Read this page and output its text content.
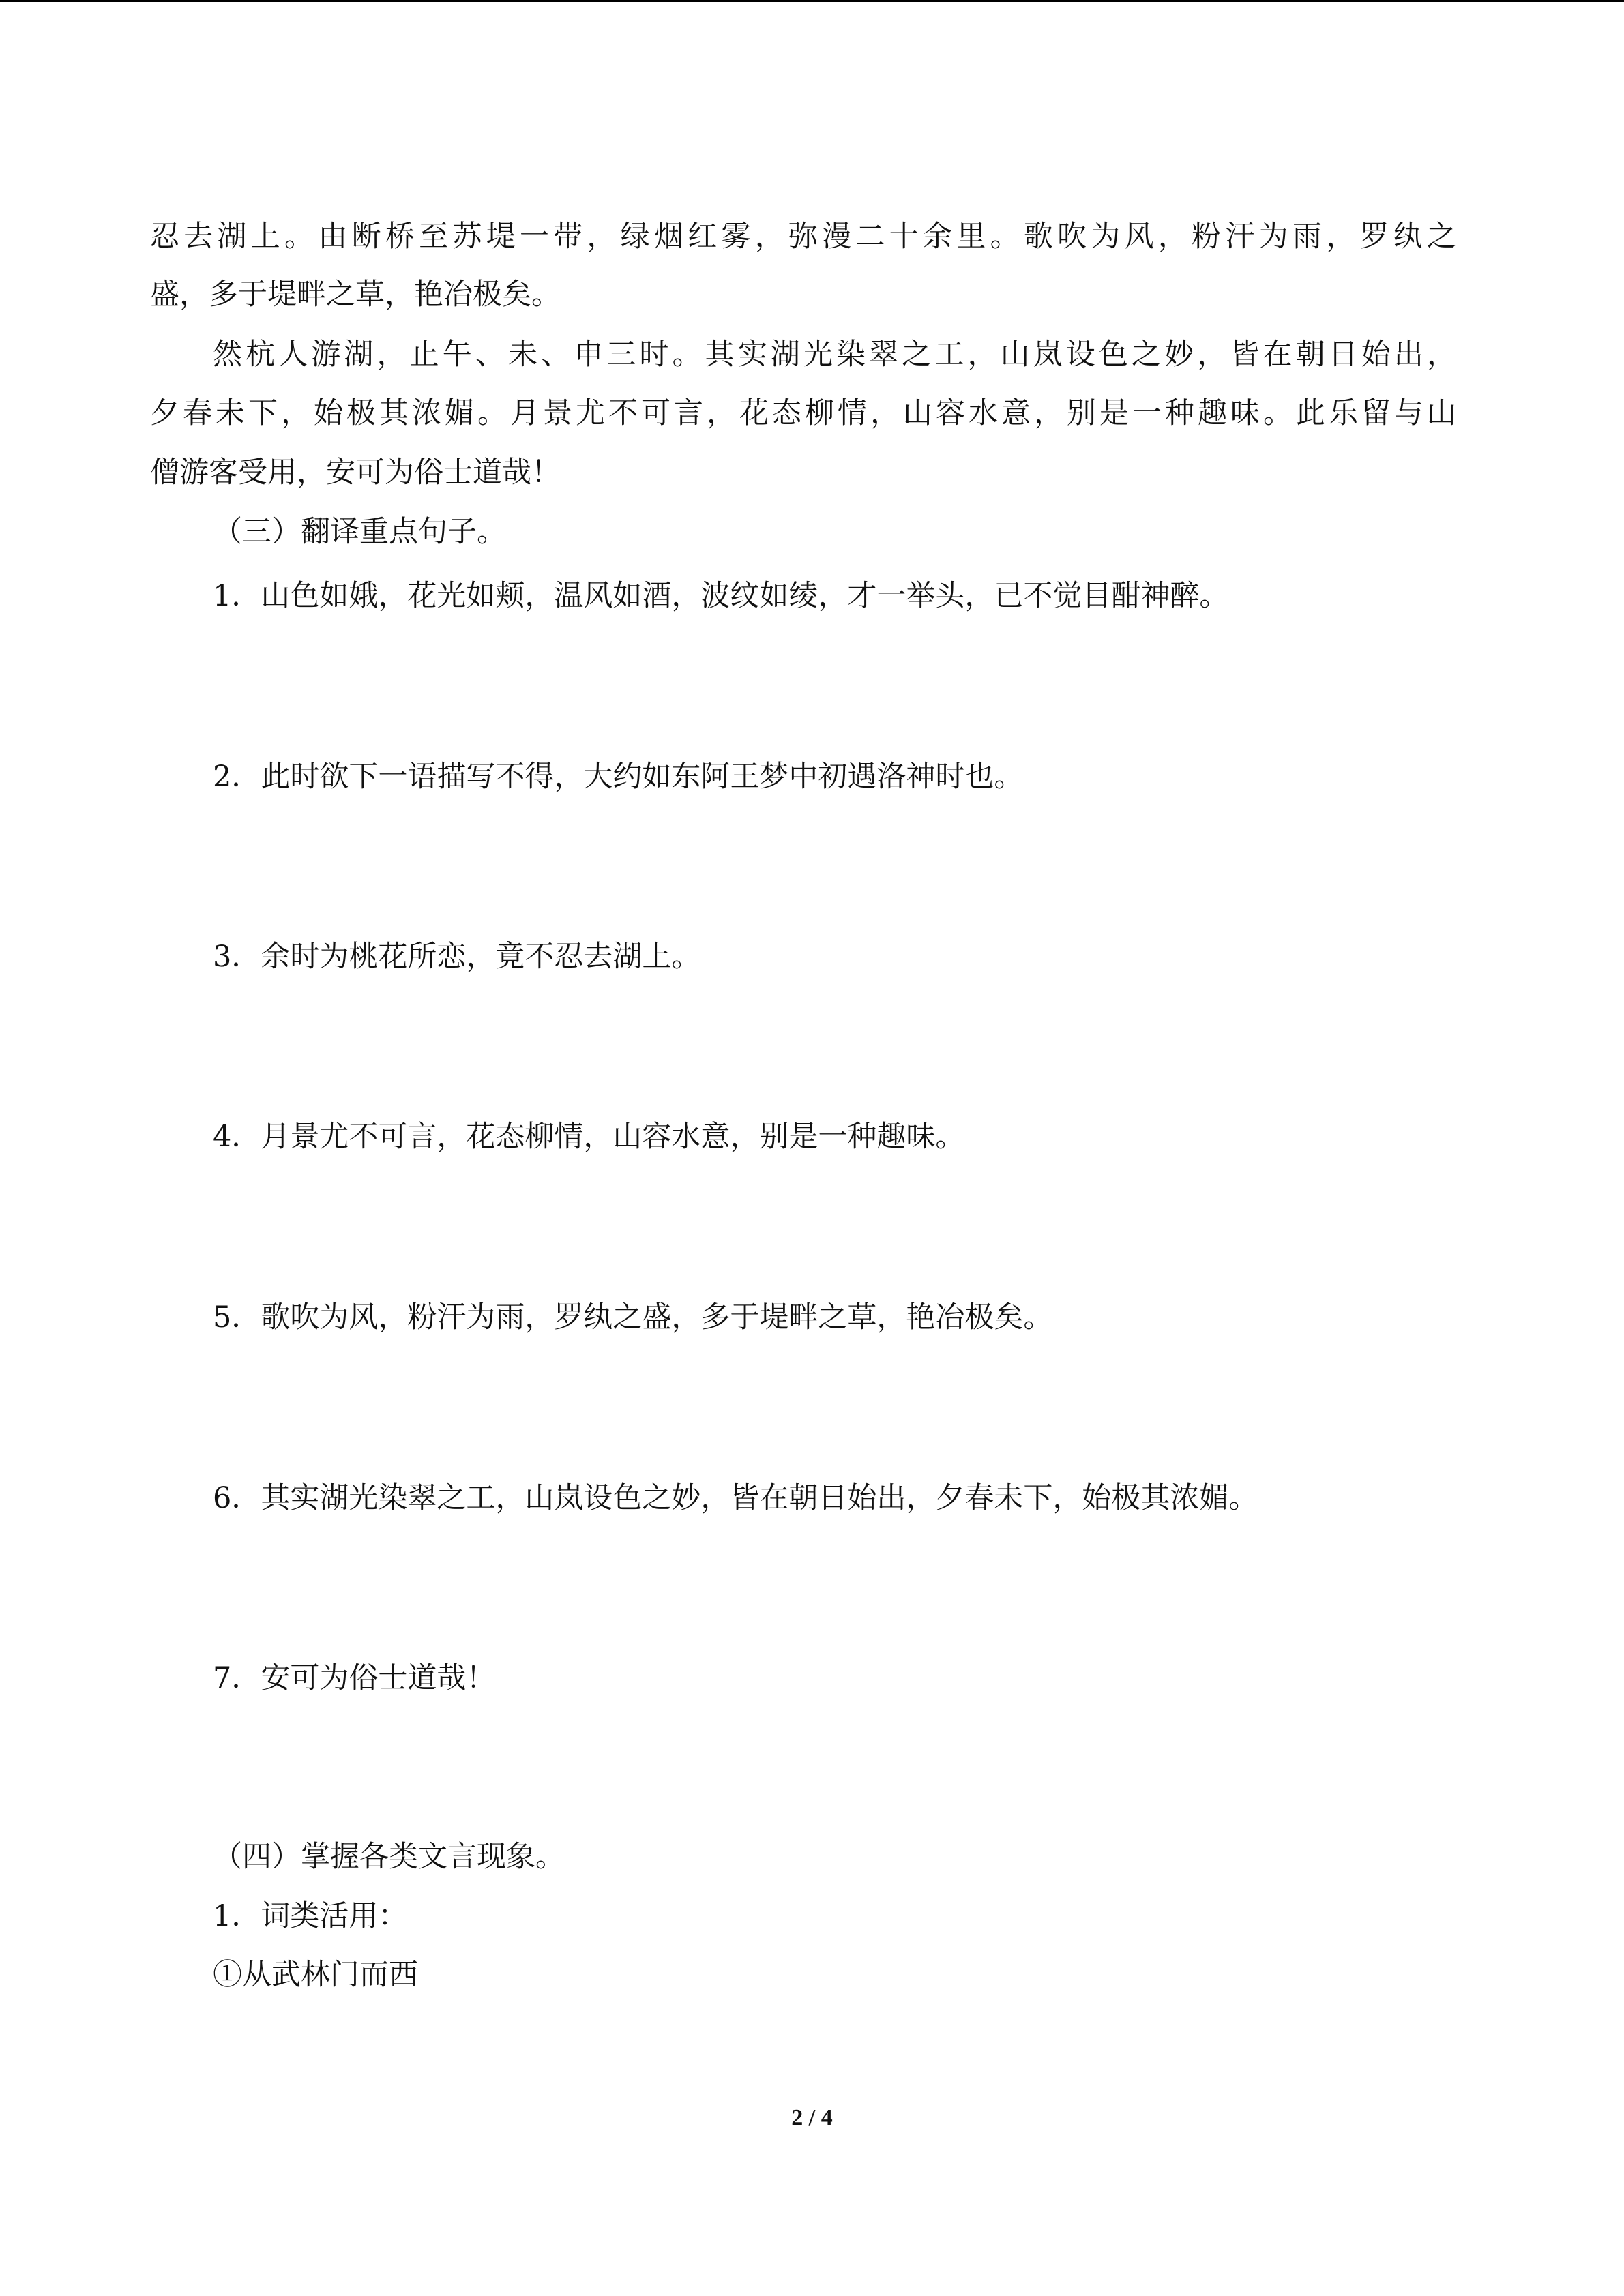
忍去湖上。由断桥至苏堤一带，绿烟红雾，弥漫二十余里。歌吹为风，粉汗为雨，罗纨之

盛，多于堤畔之草，艳冶极矣。

然杭人游湖，止午、未、申三时。其实湖光染翠之工，山岚设色之妙，皆在朝日始出，

夕春未下，始极其浓媚。月景尤不可言，花态柳情，山容水意，别是一种趣味。此乐留与山

僧游客受用，安可为俗士道哉！

（三）翻译重点句子。

1．山色如娥，花光如颊，温风如酒，波纹如绫，才一举头，已不觉目酣神醉。

2．此时欲下一语描写不得，大约如东阿王梦中初遇洛神时也。

3．余时为桃花所恋，竟不忍去湖上。

4．月景尤不可言，花态柳情，山容水意，别是一种趣味。

5．歌吹为风，粉汗为雨，罗纨之盛，多于堤畔之草，艳冶极矣。

6．其实湖光染翠之工，山岚设色之妙，皆在朝日始出，夕春未下，始极其浓媚。

7．安可为俗士道哉！

（四）掌握各类文言现象。

1．词类活用：

①从武林门而西

2 / 4
